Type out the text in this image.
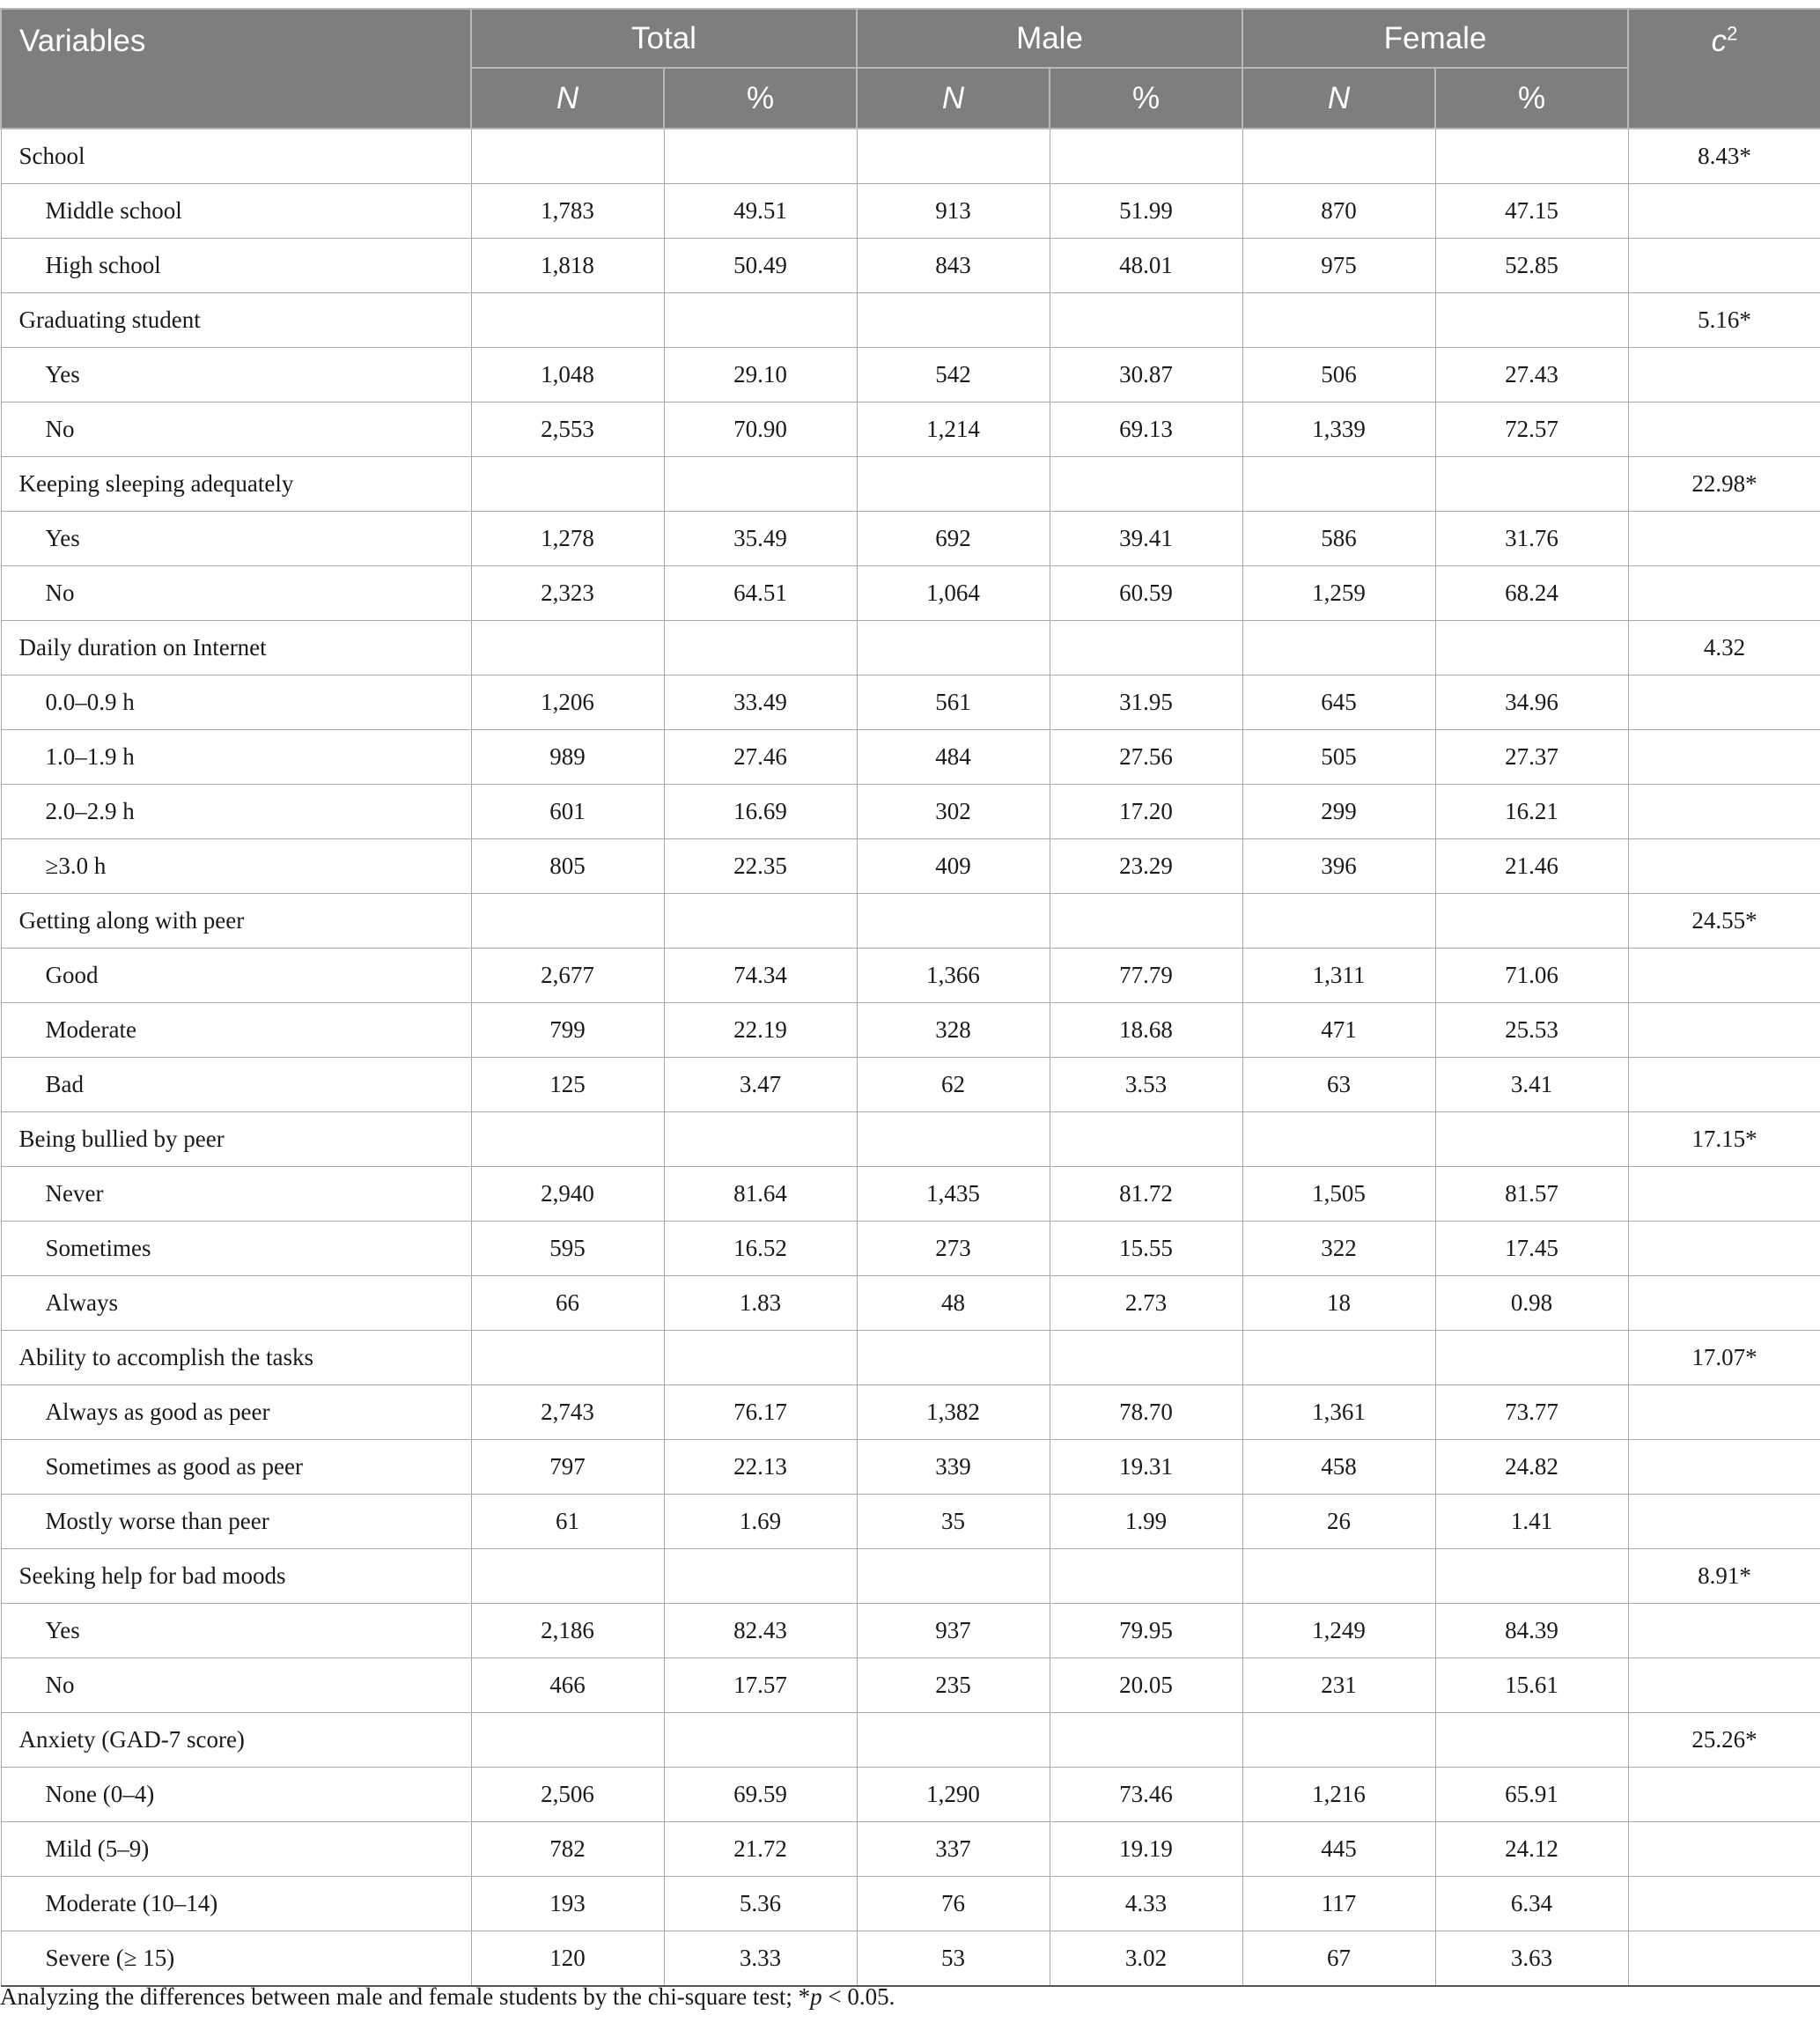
Variables	Total		Male		Female		$c^2$
	N	%	N	%	N	%	
School							8.43*
Middle school	1,783	49.51	913	51.99	870	47.15	
High school	1,818	50.49	843	48.01	975	52.85	
Graduating student							5.16*
Yes	1,048	29.10	542	30.87	506	27.43	
No	2,553	70.90	1,214	69.13	1,339	72.57	
Keeping sleeping adequately							22.98*
Yes	1,278	35.49	692	39.41	586	31.76	
No	2,323	64.51	1,064	60.59	1,259	68.24	
Daily duration on Internet							4.32
0.0–0.9 h	1,206	33.49	561	31.95	645	34.96	
1.0–1.9 h	989	27.46	484	27.56	505	27.37	
2.0–2.9 h	601	16.69	302	17.20	299	16.21	
≥3.0 h	805	22.35	409	23.29	396	21.46	
Getting along with peer							24.55*
Good	2,677	74.34	1,366	77.79	1,311	71.06	
Moderate	799	22.19	328	18.68	471	25.53	
Bad	125	3.47	62	3.53	63	3.41	
Being bullied by peer							17.15*
Never	2,940	81.64	1,435	81.72	1,505	81.57	
Sometimes	595	16.52	273	15.55	322	17.45	
Always	66	1.83	48	2.73	18	0.98	
Ability to accomplish the tasks							17.07*
Always as good as peer	2,743	76.17	1,382	78.70	1,361	73.77	
Sometimes as good as peer	797	22.13	339	19.31	458	24.82	
Mostly worse than peer	61	1.69	35	1.99	26	1.41	
Seeking help for bad moods							8.91*
Yes	2,186	82.43	937	79.95	1,249	84.39	
No	466	17.57	235	20.05	231	15.61	
Anxiety (GAD-7 score)							25.26*
None (0–4)	2,506	69.59	1,290	73.46	1,216	65.91	
Mild (5–9)	782	21.72	337	19.19	445	24.12	
Moderate (10–14)	193	5.36	76	4.33	117	6.34	
Severe (≥ 15)	120	3.33	53	3.02	67	3.63	
Analyzing the differences between male and female students by the chi-square test; *p < 0.05.
